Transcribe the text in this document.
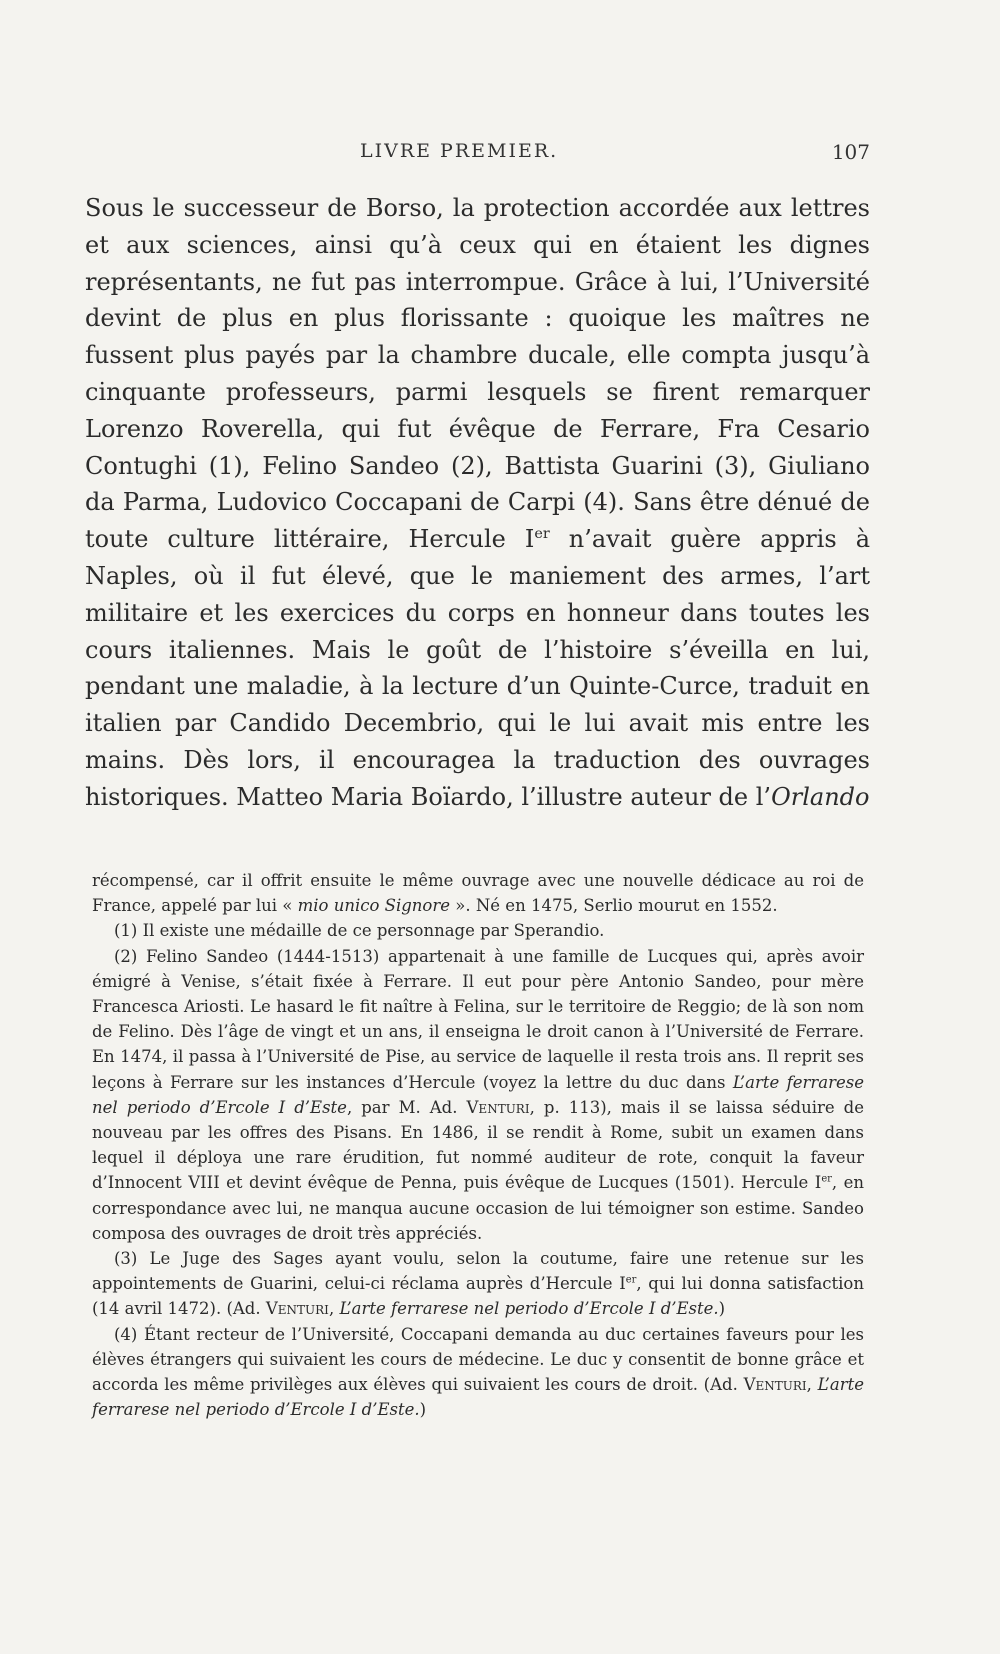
LIVRE PREMIER.	107

Sous le successeur de Borso, la protection accordée aux lettres et aux sciences, ainsi qu’à ceux qui en étaient les dignes représentants, ne fut pas interrompue. Grâce à lui, l’Université devint de plus en plus florissante : quoique les maîtres ne fussent plus payés par la chambre ducale, elle compta jusqu’à cinquante professeurs, parmi lesquels se firent remarquer Lorenzo Roverella, qui fut évêque de Ferrare, Fra Cesario Contughi (1), Felino Sandeo (2), Battista Guarini (3), Giuliano da Parma, Ludovico Coccapani de Carpi (4). Sans être dénué de toute culture littéraire, Hercule Ier n’avait guère appris à Naples, où il fut élevé, que le maniement des armes, l’art militaire et les exercices du corps en honneur dans toutes les cours italiennes. Mais le goût de l’histoire s’éveilla en lui, pendant une maladie, à la lecture d’un Quinte-Curce, traduit en italien par Candido Decembrio, qui le lui avait mis entre les mains. Dès lors, il encouragea la traduction des ouvrages historiques. Matteo Maria Boïardo, l’illustre auteur de l’Orlando

récompensé, car il offrit ensuite le même ouvrage avec une nouvelle dédicace au roi de France, appelé par lui « mio unico Signore ». Né en 1475, Serlio mourut en 1552.

(1) Il existe une médaille de ce personnage par Sperandio.

(2) Felino Sandeo (1444-1513) appartenait à une famille de Lucques qui, après avoir émigré à Venise, s’était fixée à Ferrare. Il eut pour père Antonio Sandeo, pour mère Francesca Ariosti. Le hasard le fit naître à Felina, sur le territoire de Reggio; de là son nom de Felino. Dès l’âge de vingt et un ans, il enseigna le droit canon à l’Université de Ferrare. En 1474, il passa à l’Université de Pise, au service de laquelle il resta trois ans. Il reprit ses leçons à Ferrare sur les instances d’Hercule (voyez la lettre du duc dans L’arte ferrarese nel periodo d’Ercole I d’Este, par M. Ad. Venturi, p. 113), mais il se laissa séduire de nouveau par les offres des Pisans. En 1486, il se rendit à Rome, subit un examen dans lequel il déploya une rare érudition, fut nommé auditeur de rote, conquit la faveur d’Innocent VIII et devint évêque de Penna, puis évêque de Lucques (1501). Hercule Ier, en correspondance avec lui, ne manqua aucune occasion de lui témoigner son estime. Sandeo composa des ouvrages de droit très appréciés.

(3) Le Juge des Sages ayant voulu, selon la coutume, faire une retenue sur les appointements de Guarini, celui-ci réclama auprès d’Hercule Ier, qui lui donna satisfaction (14 avril 1472). (Ad. Venturi, L’arte ferrarese nel periodo d’Ercole I d’Este.)

(4) Étant recteur de l’Université, Coccapani demanda au duc certaines faveurs pour les élèves étrangers qui suivaient les cours de médecine. Le duc y consentit de bonne grâce et accorda les même privilèges aux élèves qui suivaient les cours de droit. (Ad. Venturi, L’arte ferrarese nel periodo d’Ercole I d’Este.)
